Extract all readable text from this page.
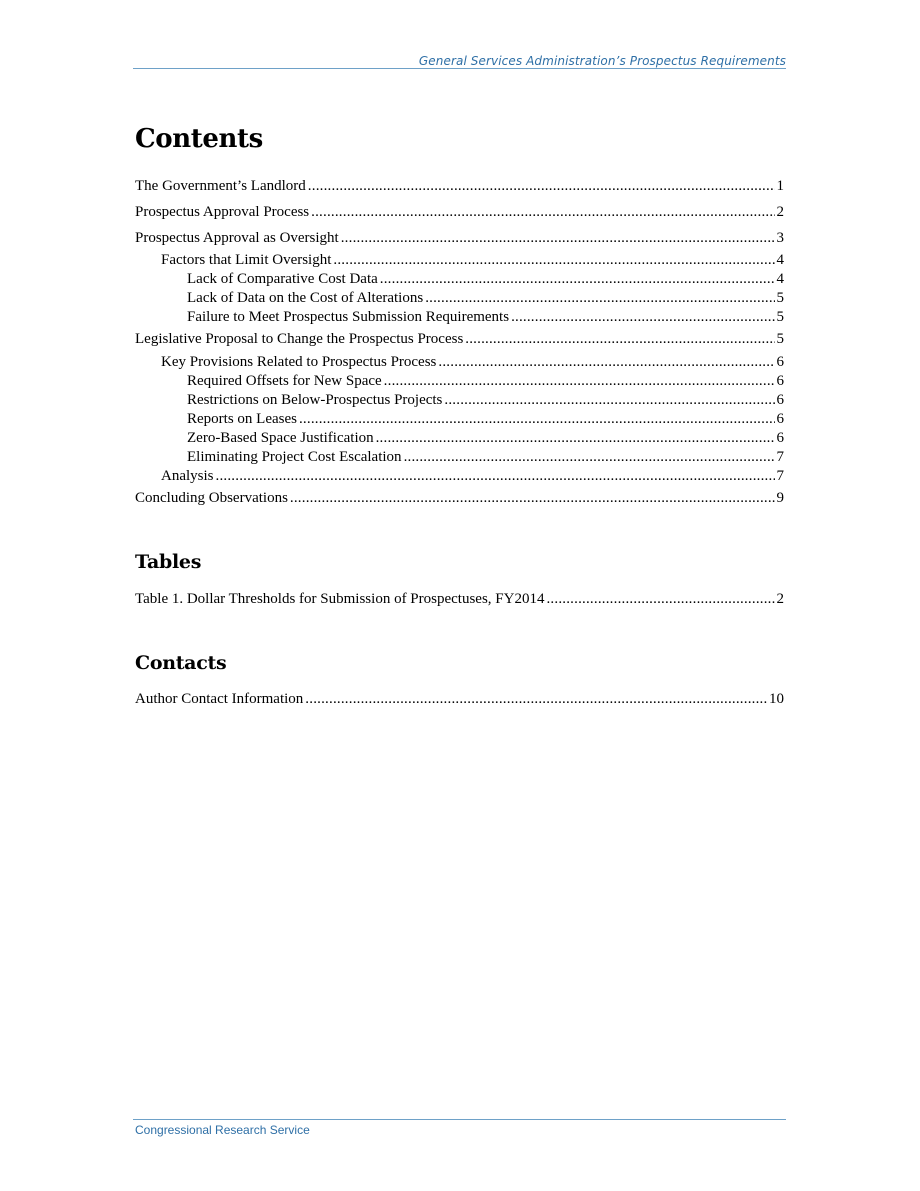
General Services Administration’s Prospectus Requirements
Contents
The Government’s Landlord .....	1
Prospectus Approval Process .....	2
Prospectus Approval as Oversight .....	3
Factors that Limit Oversight .....	4
Lack of Comparative Cost Data .....	4
Lack of Data on the Cost of Alterations .....	5
Failure to Meet Prospectus Submission Requirements .....	5
Legislative Proposal to Change the Prospectus Process .....	5
Key Provisions Related to Prospectus Process .....	6
Required Offsets for New Space .....	6
Restrictions on Below-Prospectus Projects .....	6
Reports on Leases .....	6
Zero-Based Space Justification .....	6
Eliminating Project Cost Escalation .....	7
Analysis .....	7
Concluding Observations .....	9
Tables
Table 1. Dollar Thresholds for Submission of Prospectuses, FY2014 .....	2
Contacts
Author Contact Information .....	10
Congressional Research Service
